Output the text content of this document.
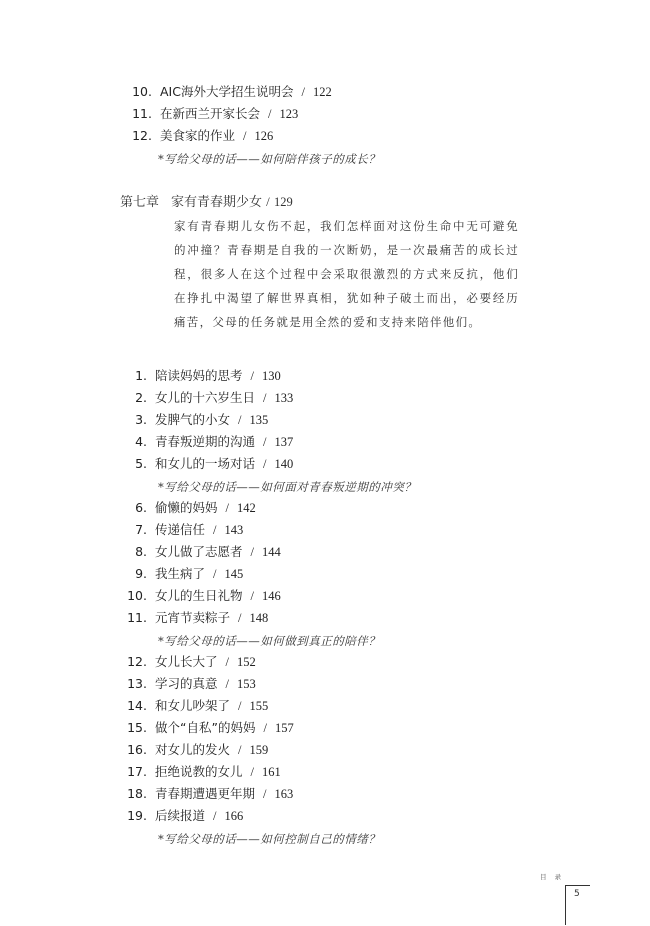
10. AIC海外大学招生说明会 / 122
11. 在新西兰开家长会 / 123
12. 美食家的作业 / 126
*写给父母的话——如何陪伴孩子的成长？
第七章 家有青春期少女 / 129
家有青春期儿女伤不起，我们怎样面对这份生命中无可避免的冲撞？青春期是自我的一次断奶，是一次最痛苦的成长过程，很多人在这个过程中会采取很激烈的方式来反抗，他们在挣扎中渴望了解世界真相，犹如种子破土而出，必要经历痛苦，父母的任务就是用全然的爱和支持来陪伴他们。
1. 陪读妈妈的思考 / 130
2. 女儿的十六岁生日 / 133
3. 发脾气的小女 / 135
4. 青春叛逆期的沟通 / 137
5. 和女儿的一场对话 / 140
*写给父母的话——如何面对青春叛逆期的冲突？
6. 偷懒的妈妈 / 142
7. 传递信任 / 143
8. 女儿做了志愿者 / 144
9. 我生病了 / 145
10. 女儿的生日礼物 / 146
11. 元宵节卖粽子 / 148
*写给父母的话——如何做到真正的陪伴？
12. 女儿长大了 / 152
13. 学习的真意 / 153
14. 和女儿吵架了 / 155
15. 做个“自私”的妈妈 / 157
16. 对女儿的发火 / 159
17. 拒绝说教的女儿 / 161
18. 青春期遭遇更年期 / 163
19. 后续报道 / 166
*写给父母的话——如何控制自己的情绪？
目 录
5
